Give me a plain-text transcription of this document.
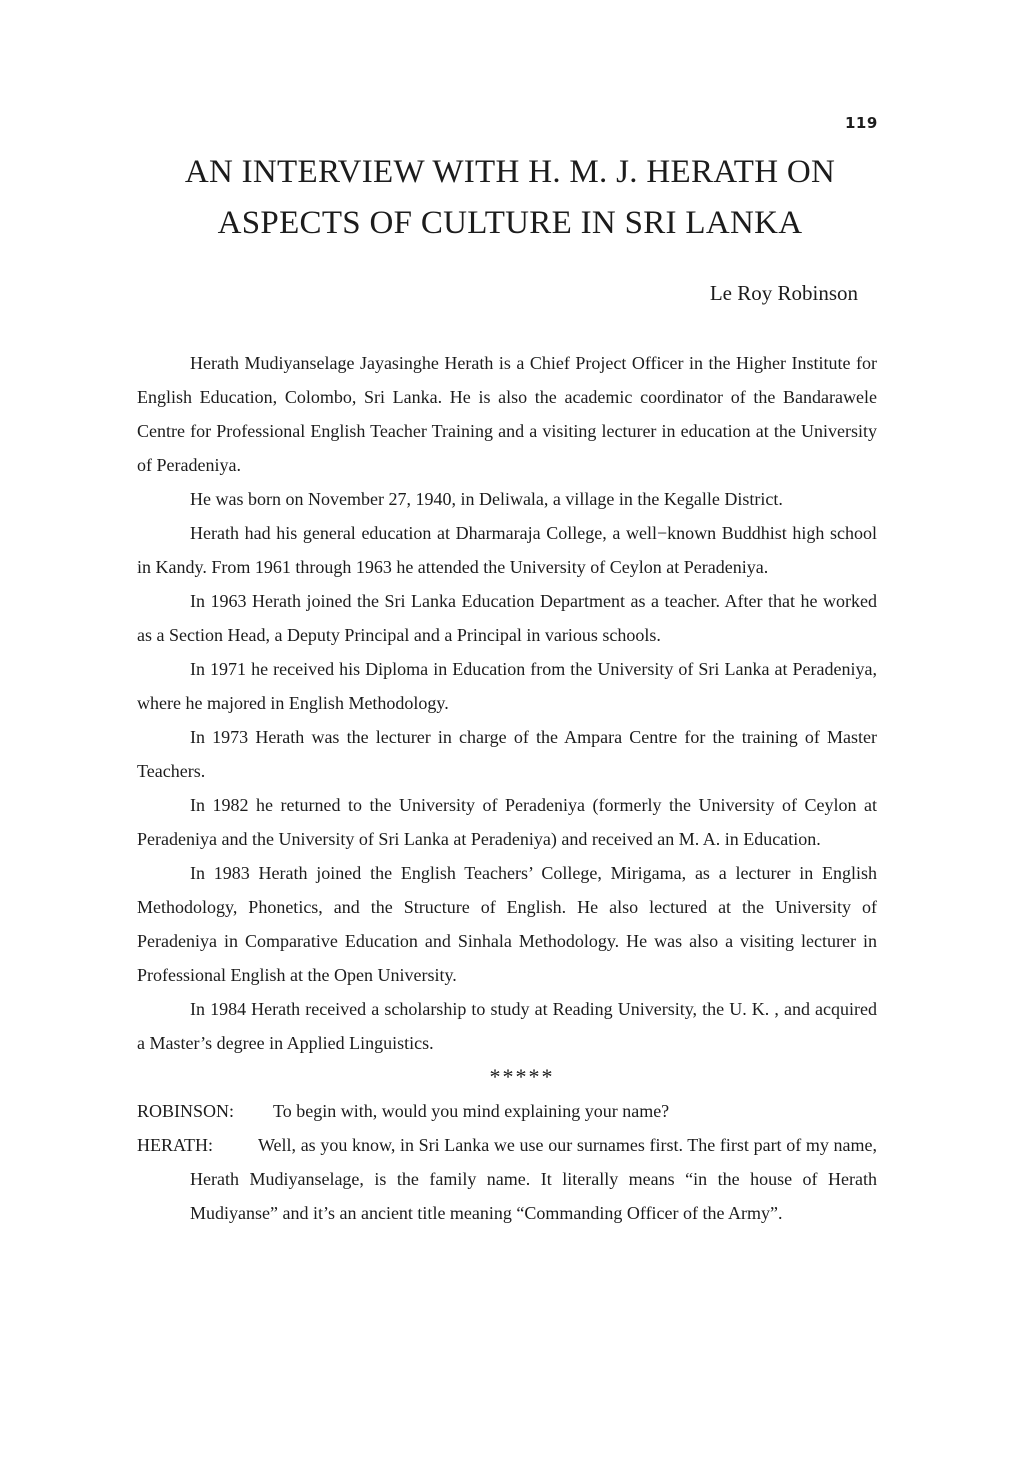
119
AN INTERVIEW WITH H. M. J. HERATH ON
ASPECTS OF CULTURE IN SRI LANKA
Le Roy Robinson

Herath Mudiyanselage Jayasinghe Herath is a Chief Project Officer in the Higher Institute for English Education, Colombo, Sri Lanka. He is also the academic coordinator of the Bandarawele Centre for Professional English Teacher Training and a visiting lecturer in education at the University of Peradeniya.

He was born on November 27, 1940, in Deliwala, a village in the Kegalle District.

Herath had his general education at Dharmaraja College, a well−known Buddhist high school in Kandy. From 1961 through 1963 he attended the University of Ceylon at Peradeniya.

In 1963 Herath joined the Sri Lanka Education Department as a teacher. After that he worked as a Section Head, a Deputy Principal and a Principal in various schools.

In 1971 he received his Diploma in Education from the University of Sri Lanka at Peradeniya, where he majored in English Methodology.

In 1973 Herath was the lecturer in charge of the Ampara Centre for the training of Master Teachers.

In 1982 he returned to the University of Peradeniya (formerly the University of Ceylon at Peradeniya and the University of Sri Lanka at Peradeniya) and received an M. A. in Education.

In 1983 Herath joined the English Teachers’ College, Mirigama, as a lecturer in English Methodology, Phonetics, and the Structure of English. He also lectured at the University of Peradeniya in Comparative Education and Sinhala Methodology. He was also a visiting lecturer in Professional English at the Open University.

In 1984 Herath received a scholarship to study at Reading University, the U. K. , and acquired a Master’s degree in Applied Linguistics.

*****
ROBINSON: To begin with, would you mind explaining your name?
HERATH:	Well, as you know, in Sri Lanka we use our surnames first. The first part of my name, Herath Mudiyanselage, is the family name. It literally means “in the house of Herath Mudiyanse” and it’s an ancient title meaning “Commanding Officer of the Army”.
